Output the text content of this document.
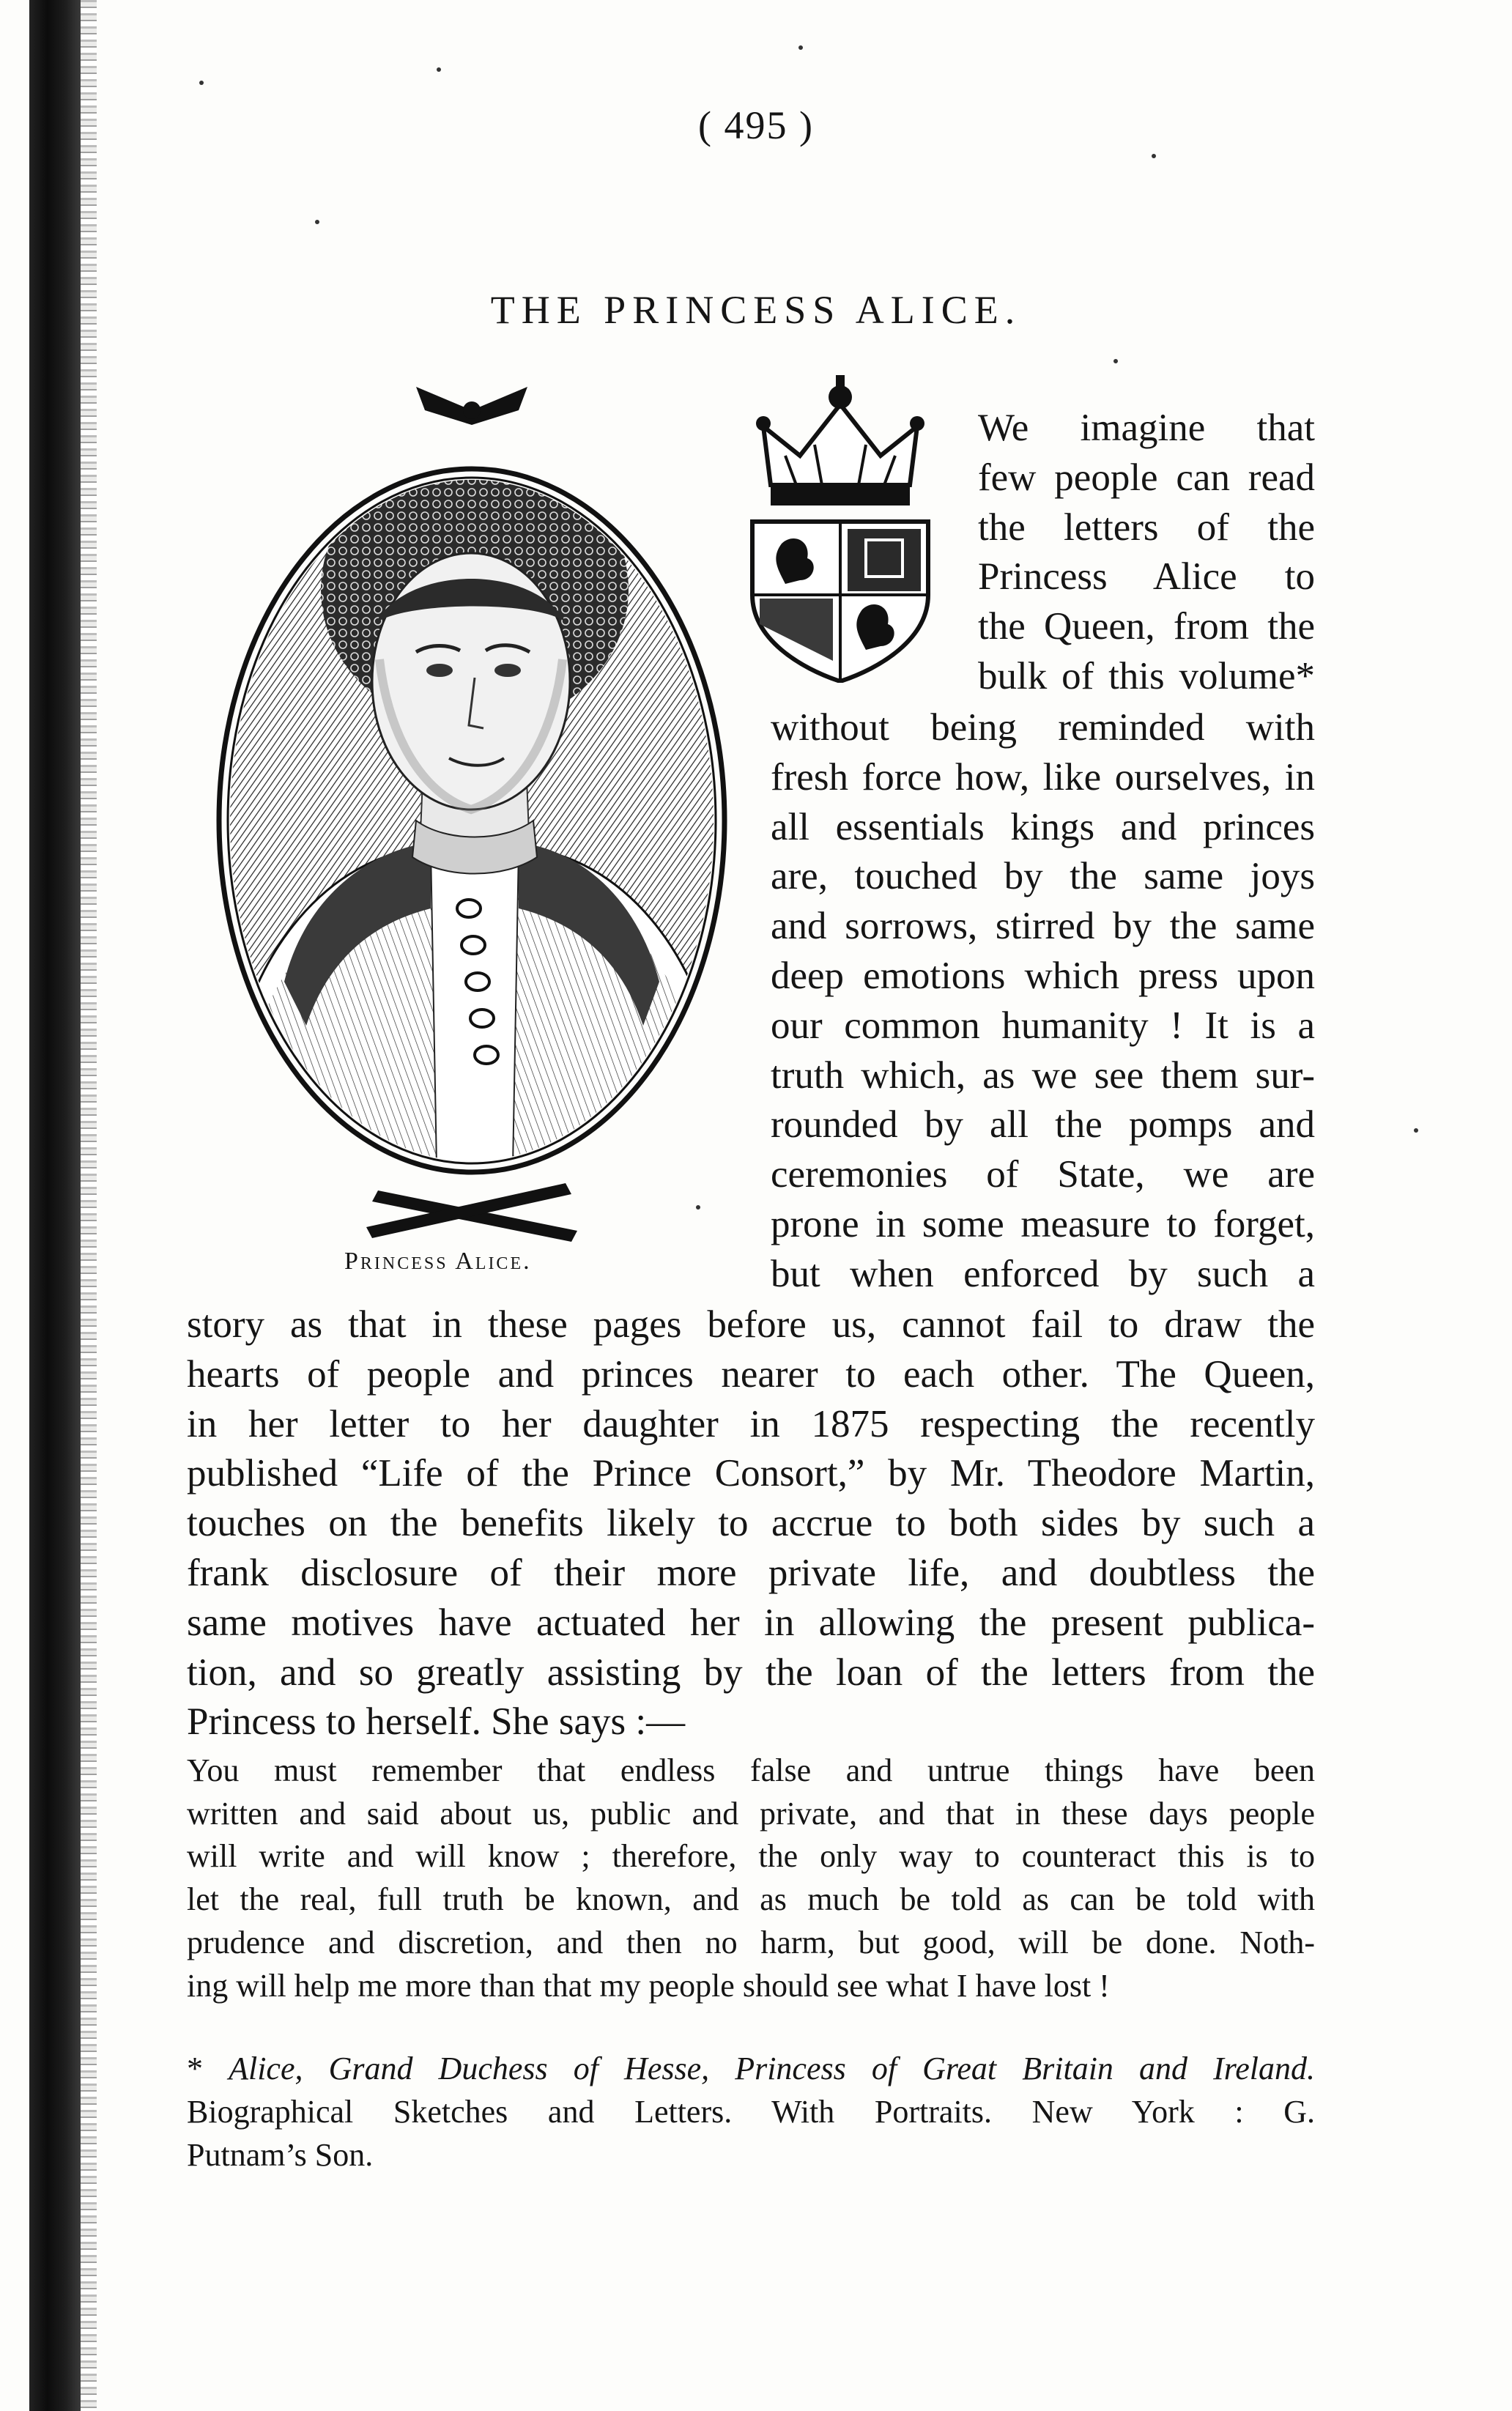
( 495 )
THE PRINCESS ALICE.
Princess Alice.
We imagine that
few people can read
the letters of the
Princess Alice to
the Queen, from the
bulk of this volume*
without being reminded with
fresh force how, like ourselves, in
all essentials kings and princes
are, touched by the same joys
and sorrows, stirred by the same
deep emotions which press upon
our common humanity ! It is a
truth which, as we see them sur-
rounded by all the pomps and
ceremonies of State, we are
prone in some measure to forget,
but when enforced by such a
story as that in these pages before us, cannot fail to draw the
hearts of people and princes nearer to each other. The Queen,
in her letter to her daughter in 1875 respecting the recently
published “Life of the Prince Consort,” by Mr. Theodore Martin,
touches on the benefits likely to accrue to both sides by such a
frank disclosure of their more private life, and doubtless the
same motives have actuated her in allowing the present publica-
tion, and so greatly assisting by the loan of the letters from the
Princess to herself. She says :—
You must remember that endless false and untrue things have been
written and said about us, public and private, and that in these days people
will write and will know ; therefore, the only way to counteract this is to
let the real, full truth be known, and as much be told as can be told with
prudence and discretion, and then no harm, but good, will be done. Noth-
ing will help me more than that my people should see what I have lost !
* Alice, Grand Duchess of Hesse, Princess of Great Britain and Ireland.
Biographical Sketches and Letters. With Portraits. New York : G.
Putnam’s Son.
